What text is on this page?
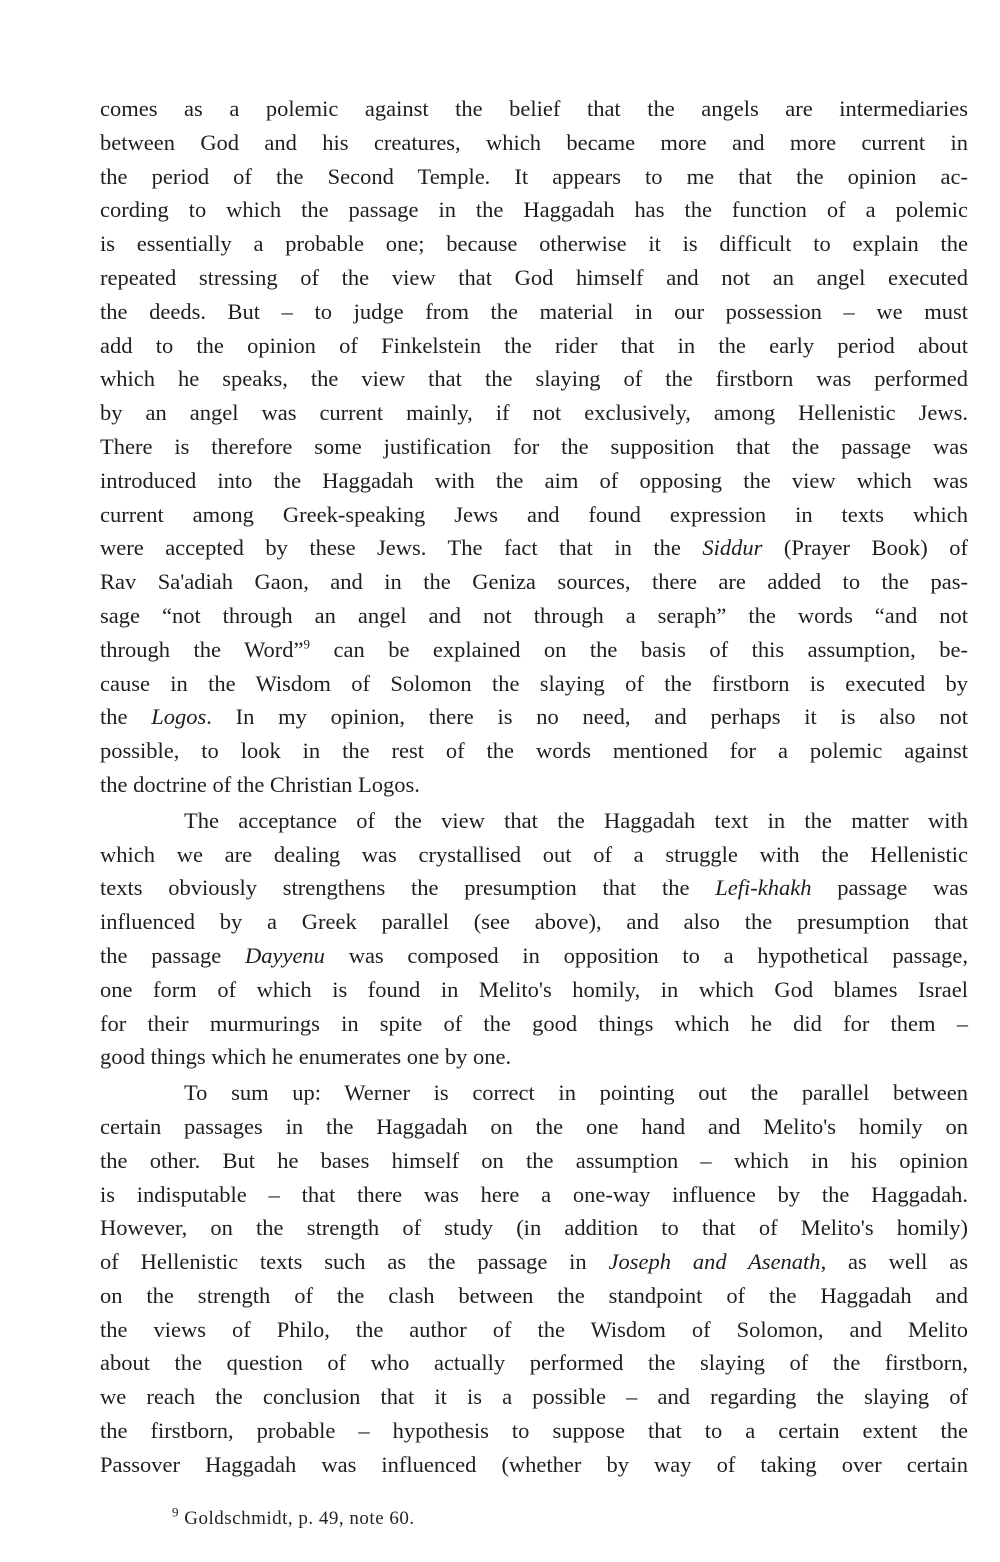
comes as a polemic against the belief that the angels are intermediaries
between God and his creatures, which became more and more current in
the period of the Second Temple. It appears to me that the opinion ac-
cording to which the passage in the Haggadah has the function of a polemic
is essentially a probable one; because otherwise it is difficult to explain the
repeated stressing of the view that God himself and not an angel executed
the deeds. But – to judge from the material in our possession – we must
add to the opinion of Finkelstein the rider that in the early period about
which he speaks, the view that the slaying of the firstborn was performed
by an angel was current mainly, if not exclusively, among Hellenistic Jews.
There is therefore some justification for the supposition that the passage was
introduced into the Haggadah with the aim of opposing the view which was
current among Greek-speaking Jews and found expression in texts which
were accepted by these Jews. The fact that in the Siddur (Prayer Book) of
Rav Sa'adiah Gaon, and in the Geniza sources, there are added to the pas-
sage “not through an angel and not through a seraph” the words “and not
through the Word”$^9$ can be explained on the basis of this assumption, be-
cause in the Wisdom of Solomon the slaying of the firstborn is executed by
the Logos. In my opinion, there is no need, and perhaps it is also not
possible, to look in the rest of the words mentioned for a polemic against
the doctrine of the Christian Logos.
The acceptance of the view that the Haggadah text in the matter with
which we are dealing was crystallised out of a struggle with the Hellenistic
texts obviously strengthens the presumption that the Lefi-khakh passage was
influenced by a Greek parallel (see above), and also the presumption that
the passage Dayyenu was composed in opposition to a hypothetical passage,
one form of which is found in Melito's homily, in which God blames Israel
for their murmurings in spite of the good things which he did for them –
good things which he enumerates one by one.
To sum up: Werner is correct in pointing out the parallel between
certain passages in the Haggadah on the one hand and Melito's homily on
the other. But he bases himself on the assumption – which in his opinion
is indisputable – that there was here a one-way influence by the Haggadah.
However, on the strength of study (in addition to that of Melito's homily)
of Hellenistic texts such as the passage in Joseph and Asenath, as well as
on the strength of the clash between the standpoint of the Haggadah and
the views of Philo, the author of the Wisdom of Solomon, and Melito
about the question of who actually performed the slaying of the firstborn,
we reach the conclusion that it is a possible – and regarding the slaying of
the firstborn, probable – hypothesis to suppose that to a certain extent the
Passover Haggadah was influenced (whether by way of taking over certain
$^9$ Goldschmidt, p. 49, note 60.
